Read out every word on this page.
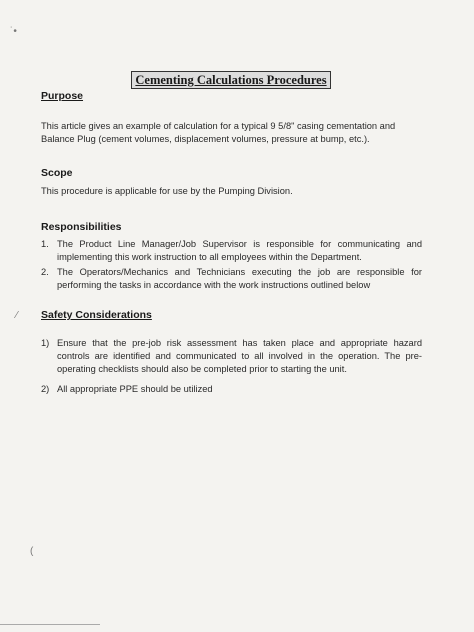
˙•
⁄
(
Cementing Calculations Procedures
Purpose
This article gives an example of calculation for a typical 9 5/8" casing cementation and Balance Plug (cement volumes, displacement volumes, pressure at bump, etc.).
Scope
This procedure is applicable for use by the Pumping Division.
Responsibilities
1. The Product Line Manager/Job Supervisor is responsible for communicating and implementing this work instruction to all employees within the Department.
2. The Operators/Mechanics and Technicians executing the job are responsible for performing the tasks in accordance with the work instructions outlined below
Safety Considerations
1) Ensure that the pre-job risk assessment has taken place and appropriate hazard controls are identified and communicated to all involved in the operation. The pre-operating checklists should also be completed prior to starting the unit.
2) All appropriate PPE should be utilized
